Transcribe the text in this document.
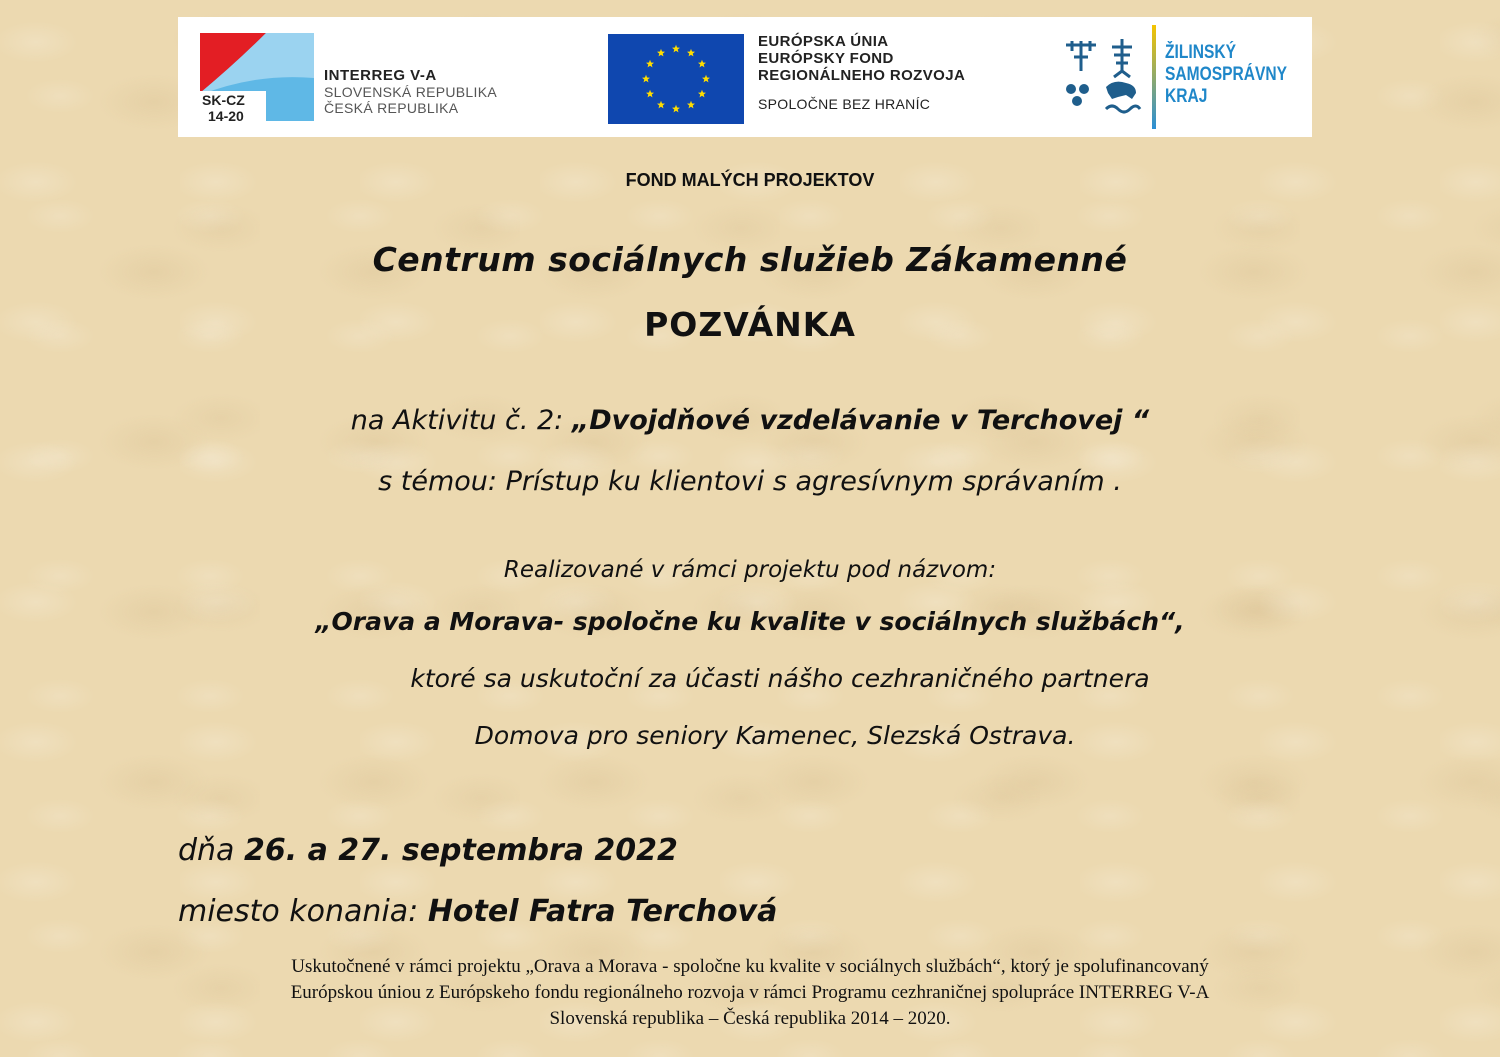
SK-CZ
14-20
INTERREG V-A
SLOVENSKÁ REPUBLIKA
ČESKÁ REPUBLIKA
EURÓPSKA ÚNIA
EURÓPSKY FOND
REGIONÁLNEHO ROZVOJA
SPOLOČNE BEZ HRANÍC
ŽILINSKÝ
SAMOSPRÁVNY
KRAJ
FOND MALÝCH PROJEKTOV
Centrum sociálnych služieb Zákamenné
POZVÁNKA
na Aktivitu č. 2: „Dvojdňové vzdelávanie v Terchovej “
s témou: Prístup ku klientovi s agresívnym správaním .
Realizované v rámci projektu pod názvom:
„Orava a Morava- spoločne ku kvalite v sociálnych službách“,
ktoré sa uskutoční za účasti nášho cezhraničného partnera
Domova pro seniory Kamenec, Slezská Ostrava.
dňa 26. a 27. septembra 2022
miesto konania: Hotel Fatra Terchová
Uskutočnené v rámci projektu „Orava a Morava - spoločne ku kvalite v sociálnych službách“, ktorý je spolufinancovaný
Európskou úniou z Európskeho fondu regionálneho rozvoja v rámci Programu cezhraničnej spolupráce INTERREG V-A
Slovenská republika – Česká republika 2014 – 2020.
